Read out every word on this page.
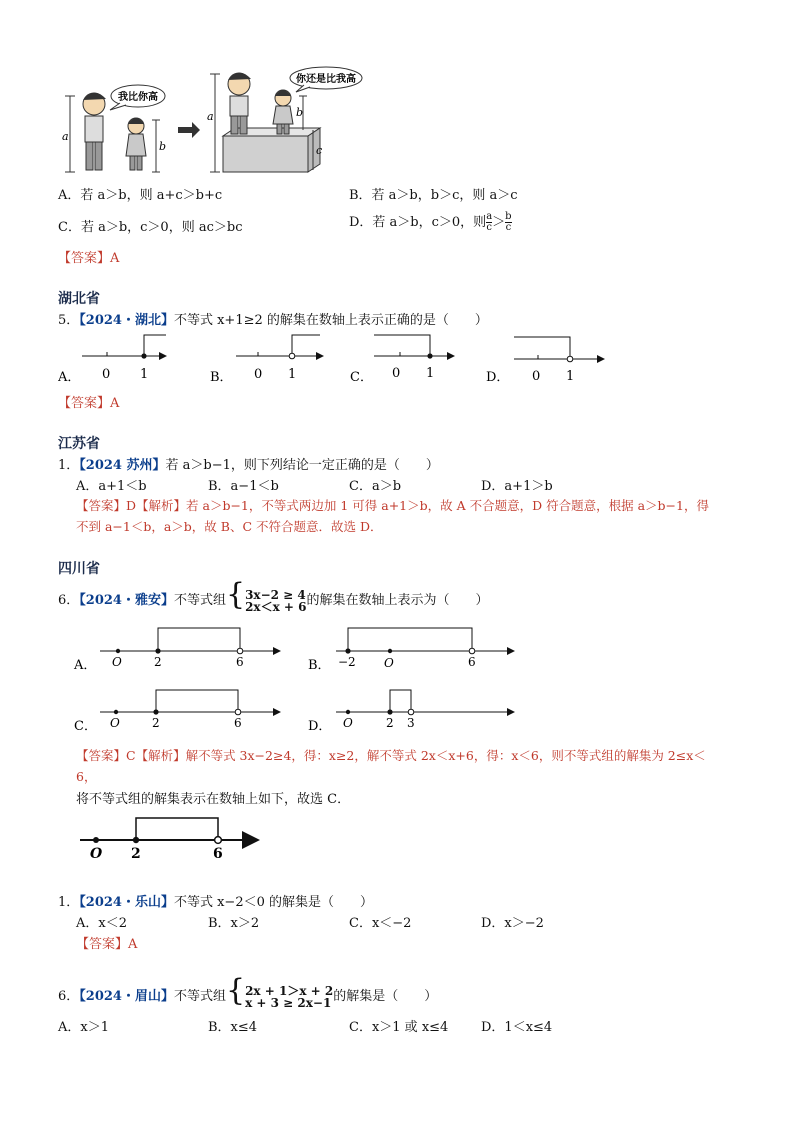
a
b
我比你高
a
c
b
你还是比我高
A．若 a＞b，则 a+c＞b+c	B．若 a＞b，b＞c，则 a＞c
C．若 a＞b，c＞0，则 ac＞bc	D．若 a＞b，c＞0，则 $\frac{a}{c} > \frac{b}{c}$
【答案】A
湖北省
5．【2024・湖北】不等式 x+1≥2 的解集在数轴上表示正确的是（　　）
A． 0 1	B． 0 1	C． 0 1	D． 0 1
【答案】A
江苏省
1．【2024 苏州】若 a＞b−1，则下列结论一定正确的是（　　）
A．a+1＜b	B．a−1＜b	C．a＞b	D．a+1＞b
【答案】D【解析】若 a＞b−1，不等式两边加 1 可得 a+1＞b，故 A 不合题意，D 符合题意，根据 a＞b−1，得
不到 a−1＜b，a＞b，故 B、C 不符合题意．故选 D．
四川省
6．【2024・雅安】不等式组{ 3x−2 ≥ 4
2x＜x + 6 的解集在数轴上表示为（　　）
A． O	2	6	B． −2 O	6
C． O	2	6	D． O	2 3
【答案】C【解析】解不等式 3x−2≥4，得：x≥2，解不等式 2x＜x+6，得：x＜6，则不等式组的解集为 2≤x＜
6，
将不等式组的解集表示在数轴上如下，故选 C．
O 2	6
1．【2024・乐山】不等式 x−2＜0 的解集是（　　）
A．x＜2	B．x＞2	C．x＜−2	D．x＞−2
【答案】A
6．【2024・眉山】不等式组{ 2x + 1＞x + 2
x + 3 ≥ 2x−1 的解集是（　　）
A．x＞1	B．x≤4	C．x＞1 或 x≤4	D．1＜x≤4
